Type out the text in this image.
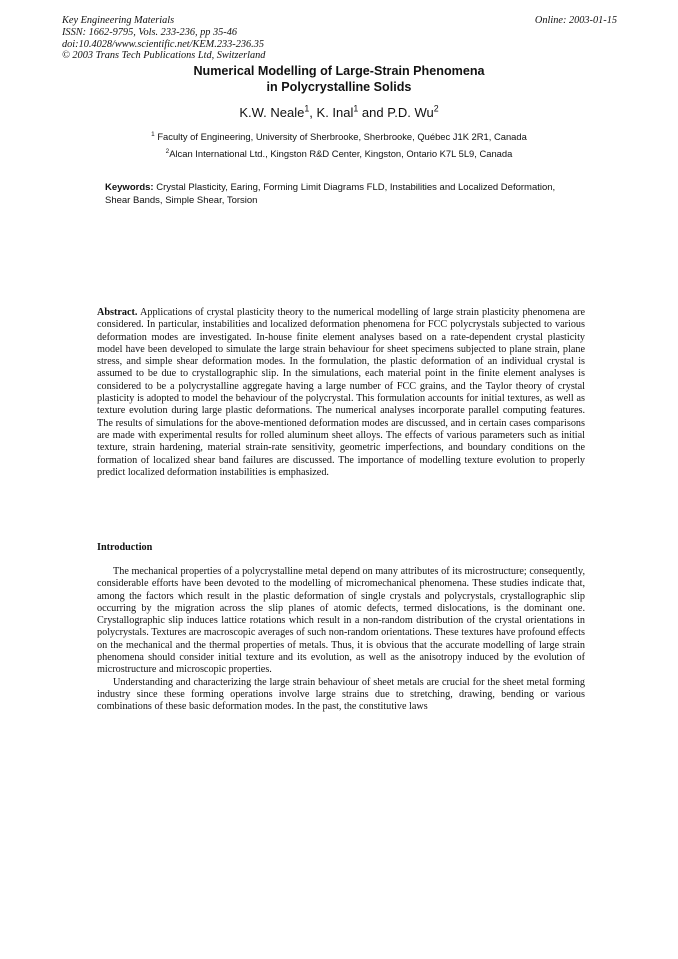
Key Engineering Materials
ISSN: 1662-9795, Vols. 233-236, pp 35-46
doi:10.4028/www.scientific.net/KEM.233-236.35
© 2003 Trans Tech Publications Ltd, Switzerland
Online: 2003-01-15
Numerical Modelling of Large-Strain Phenomena
in Polycrystalline Solids
K.W. Neale$^1$, K. Inal$^1$ and P.D. Wu$^2$
$^1$ Faculty of Engineering, University of Sherbrooke, Sherbrooke, Québec J1K 2R1, Canada
$^2$Alcan International Ltd., Kingston R&D Center, Kingston, Ontario K7L 5L9, Canada
Keywords: Crystal Plasticity, Earing, Forming Limit Diagrams FLD, Instabilities and Localized Deformation, Shear Bands, Simple Shear, Torsion
Abstract. Applications of crystal plasticity theory to the numerical modelling of large strain plasticity phenomena are considered. In particular, instabilities and localized deformation phenomena for FCC polycrystals subjected to various deformation modes are investigated. In-house finite element analyses based on a rate-dependent crystal plasticity model have been developed to simulate the large strain behaviour for sheet specimens subjected to plane strain, plane stress, and simple shear deformation modes. In the formulation, the plastic deformation of an individual crystal is assumed to be due to crystallographic slip. In the simulations, each material point in the finite element analyses is considered to be a polycrystalline aggregate having a large number of FCC grains, and the Taylor theory of crystal plasticity is adopted to model the behaviour of the polycrystal. This formulation accounts for initial textures, as well as texture evolution during large plastic deformations. The numerical analyses incorporate parallel computing features. The results of simulations for the above-mentioned deformation modes are discussed, and in certain cases comparisons are made with experimental results for rolled aluminum sheet alloys. The effects of various parameters such as initial texture, strain hardening, material strain-rate sensitivity, geometric imperfections, and boundary conditions on the formation of localized shear band failures are discussed. The importance of modelling texture evolution to properly predict localized deformation instabilities is emphasized.
Introduction

The mechanical properties of a polycrystalline metal depend on many attributes of its microstructure; consequently, considerable efforts have been devoted to the modelling of micromechanical phenomena. These studies indicate that, among the factors which result in the plastic deformation of single crystals and polycrystals, crystallographic slip occurring by the migration across the slip planes of atomic defects, termed dislocations, is the dominant one. Crystallographic slip induces lattice rotations which result in a non-random distribution of the crystal orientations in polycrystals. Textures are macroscopic averages of such non-random orientations. These textures have profound effects on the mechanical and the thermal properties of metals. Thus, it is obvious that the accurate modelling of large strain phenomena should consider initial texture and its evolution, as well as the anisotropy induced by the evolution of microstructure and microscopic properties.

Understanding and characterizing the large strain behaviour of sheet metals are crucial for the sheet metal forming industry since these forming operations involve large strains due to stretching, drawing, bending or various combinations of these basic deformation modes. In the past, the constitutive laws
